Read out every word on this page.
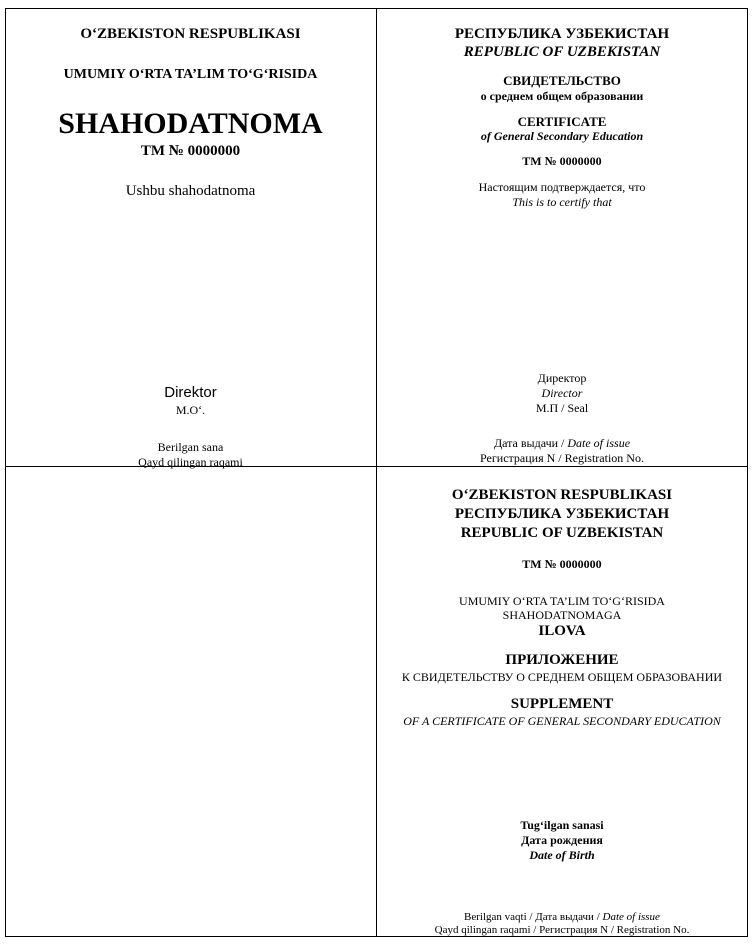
O‘ZBEKISTON RESPUBLIKASI
UMUMIY O‘RTA TA’LIM TO‘G‘RISIDA
SHAHODATNOMA
TM № 0000000
Ushbu shahodatnoma
Direktor
M.O‘.
Berilgan sana
Qayd qilingan raqami
РЕСПУБЛИКА УЗБЕКИСТАН
REPUBLIC OF UZBEKISTAN
СВИДЕТЕЛЬСТВО
о среднем общем образовании
CERTIFICATE
of General Secondary Education
TM № 0000000
Настоящим подтверждается, что
This is to certify that
Директор
Director
М.П / Seal
Дата выдачи / Date of issue
Регистрация N / Registration No.
O‘ZBEKISTON RESPUBLIKASI
РЕСПУБЛИКА УЗБЕКИСТАН
REPUBLIC OF UZBEKISTAN
TM № 0000000
UMUMIY O‘RTA TA’LIM TO‘G‘RISIDA
SHAHODATNOMAGA
ILOVA
ПРИЛОЖЕНИЕ
К СВИДЕТЕЛЬСТВУ О СРЕДНЕМ ОБЩЕМ ОБРАЗОВАНИИ
SUPPLEMENT
OF A CERTIFICATE OF GENERAL SECONDARY EDUCATION
Tug‘ilgan sanasi
Дата рождения
Date of Birth
Berilgan vaqti / Дата выдачи / Date of issue
Qayd qilingan raqami / Регистрация N / Registration No.
